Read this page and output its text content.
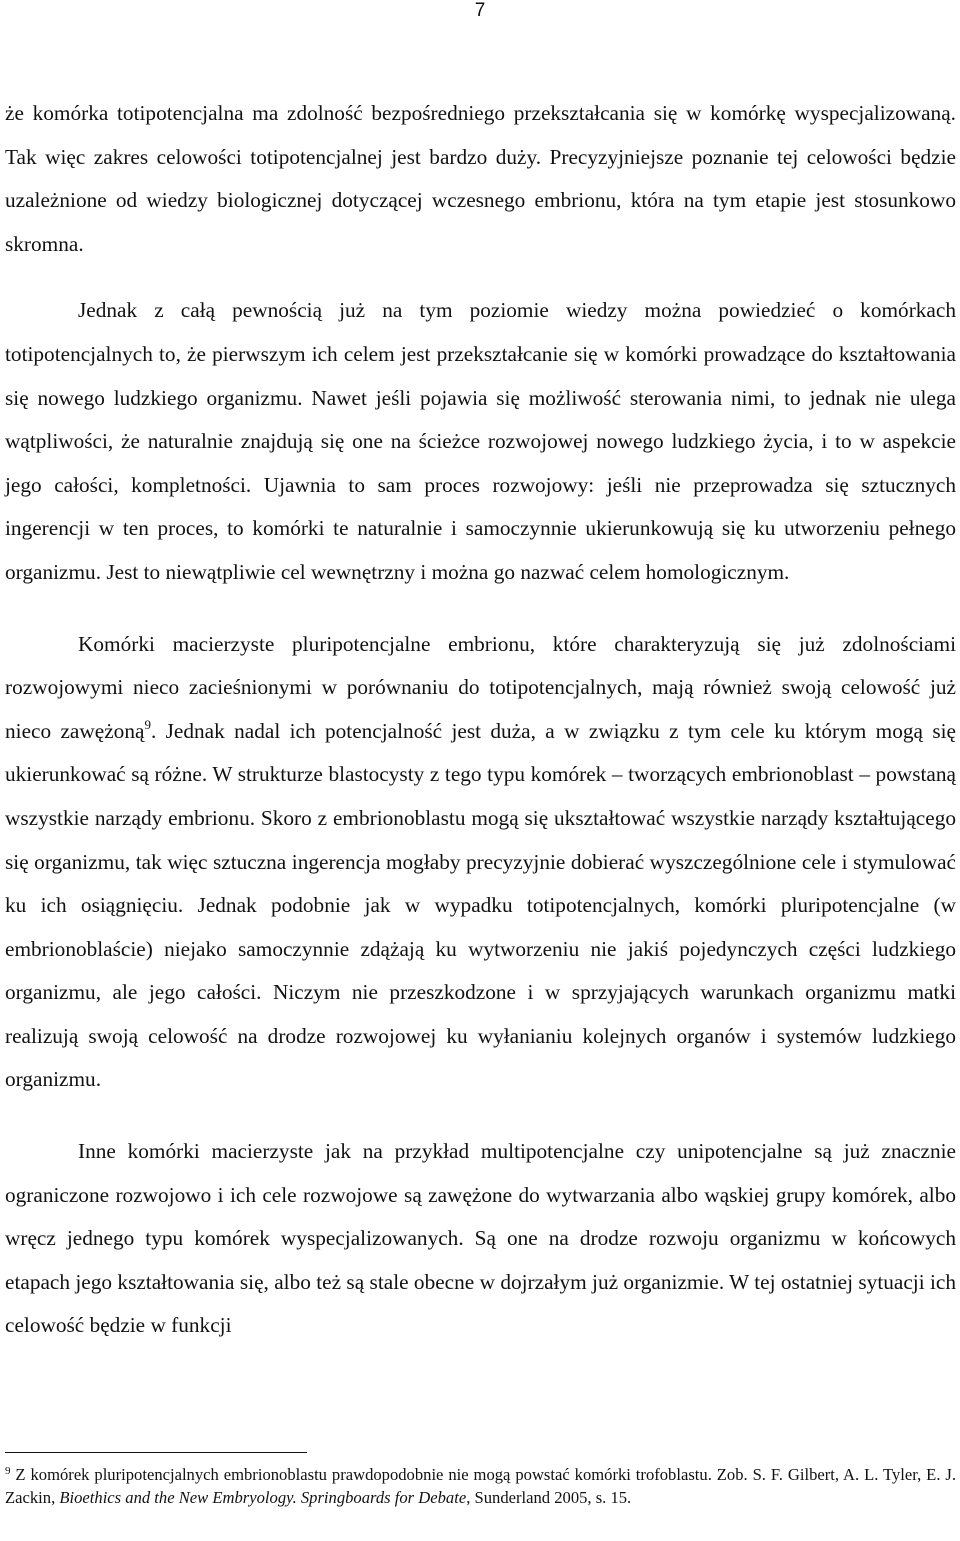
7

że komórka totipotencjalna ma zdolność bezpośredniego przekształcania się w komórkę wyspecjalizowaną. Tak więc zakres celowości totipotencjalnej jest bardzo duży. Precyzyjniejsze poznanie tej celowości będzie uzależnione od wiedzy biologicznej dotyczącej wczesnego embrionu, która na tym etapie jest stosunkowo skromna.

Jednak z całą pewnością już na tym poziomie wiedzy można powiedzieć o komórkach totipotencjalnych to, że pierwszym ich celem jest przekształcanie się w komórki prowadzące do kształtowania się nowego ludzkiego organizmu. Nawet jeśli pojawia się możliwość sterowania nimi, to jednak nie ulega wątpliwości, że naturalnie znajdują się one na ścieżce rozwojowej nowego ludzkiego życia, i to w aspekcie jego całości, kompletności. Ujawnia to sam proces rozwojowy: jeśli nie przeprowadza się sztucznych ingerencji w ten proces, to komórki te naturalnie i samoczynnie ukierunkowują się ku utworzeniu pełnego organizmu. Jest to niewątpliwie cel wewnętrzny i można go nazwać celem homologicznym.

Komórki macierzyste pluripotencjalne embrionu, które charakteryzują się już zdolnościami rozwojowymi nieco zacieśnionymi w porównaniu do totipotencjalnych, mają również swoją celowość już nieco zawężoną$^9$. Jednak nadal ich potencjalność jest duża, a w związku z tym cele ku którym mogą się ukierunkować są różne. W strukturze blastocysty z tego typu komórek – tworzących embrionoblast – powstaną wszystkie narządy embrionu. Skoro z embrionoblastu mogą się ukształtować wszystkie narządy kształtującego się organizmu, tak więc sztuczna ingerencja mogłaby precyzyjnie dobierać wyszczególnione cele i stymulować ku ich osiągnięciu. Jednak podobnie jak w wypadku totipotencjalnych, komórki pluripotencjalne (w embrionoblaście) niejako samoczynnie zdążają ku wytworzeniu nie jakiś pojedynczych części ludzkiego organizmu, ale jego całości. Niczym nie przeszkodzone i w sprzyjających warunkach organizmu matki realizują swoją celowość na drodze rozwojowej ku wyłanianiu kolejnych organów i systemów ludzkiego organizmu.

Inne komórki macierzyste jak na przykład multipotencjalne czy unipotencjalne są już znacznie ograniczone rozwojowo i ich cele rozwojowe są zawężone do wytwarzania albo wąskiej grupy komórek, albo wręcz jednego typu komórek wyspecjalizowanych. Są one na drodze rozwoju organizmu w końcowych etapach jego kształtowania się, albo też są stale obecne w dojrzałym już organizmie. W tej ostatniej sytuacji ich celowość będzie w funkcji

$^9$ Z komórek pluripotencjalnych embrionoblastu prawdopodobnie nie mogą powstać komórki trofoblastu. Zob. S. F. Gilbert, A. L. Tyler, E. J. Zackin, Bioethics and the New Embryology. Springboards for Debate, Sunderland 2005, s. 15.
